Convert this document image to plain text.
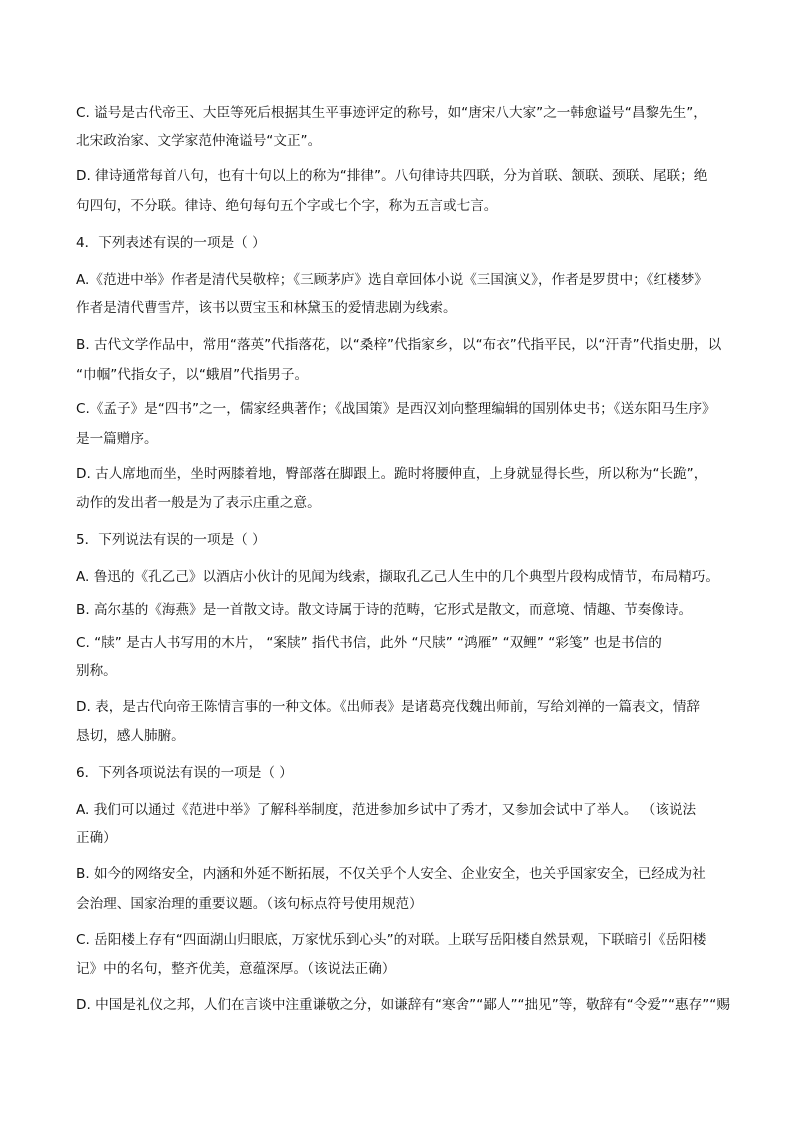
C. 谥号是古代帝王、大臣等死后根据其生平事迹评定的称号，如“唐宋八大家”之一韩愈谥号“昌黎先生”，
北宋政治家、文学家范仲淹谥号“文正”。
D. 律诗通常每首八句，也有十句以上的称为“排律”。八句律诗共四联，分为首联、颔联、颈联、尾联；绝
句四句，不分联。律诗、绝句每句五个字或七个字，称为五言或七言。
4．下列表述有误的一项是（ ）
A.《范进中举》作者是清代吴敬梓；《三顾茅庐》选自章回体小说《三国演义》，作者是罗贯中；《红楼梦》
作者是清代曹雪芹，该书以贾宝玉和林黛玉的爱情悲剧为线索。
B. 古代文学作品中，常用“落英”代指落花，以“桑梓”代指家乡，以“布衣”代指平民，以“汗青”代指史册，以
“巾帼”代指女子，以“蛾眉”代指男子。
C.《孟子》是“四书”之一，儒家经典著作；《战国策》是西汉刘向整理编辑的国别体史书；《送东阳马生序》
是一篇赠序。
D. 古人席地而坐，坐时两膝着地，臀部落在脚跟上。跪时将腰伸直，上身就显得长些，所以称为“长跪”，
动作的发出者一般是为了表示庄重之意。
5．下列说法有误的一项是（ ）
A. 鲁迅的《孔乙己》以酒店小伙计的见闻为线索，撷取孔乙己人生中的几个典型片段构成情节，布局精巧。
B. 高尔基的《海燕》是一首散文诗。散文诗属于诗的范畴，它形式是散文，而意境、情趣、节奏像诗。
C. “牍” 是古人书写用的木片， “案牍” 指代书信，此外 “尺牍” “鸿雁” “双鲤” “彩笺” 也是书信的
别称。
D. 表，是古代向帝王陈情言事的一种文体。《出师表》是诸葛亮伐魏出师前，写给刘禅的一篇表文，情辞
恳切，感人肺腑。
6．下列各项说法有误的一项是（ ）
A. 我们可以通过《范进中举》了解科举制度，范进参加乡试中了秀才，又参加会试中了举人。 （该说法
正确）
B. 如今的网络安全，内涵和外延不断拓展，不仅关乎个人安全、企业安全，也关乎国家安全，已经成为社
会治理、国家治理的重要议题。（该句标点符号使用规范）
C. 岳阳楼上存有“四面湖山归眼底，万家忧乐到心头”的对联。上联写岳阳楼自然景观，下联暗引《岳阳楼
记》中的名句，整齐优美，意蕴深厚。（该说法正确）
D. 中国是礼仪之邦，人们在言谈中注重谦敬之分，如谦辞有“寒舍”“鄙人”“拙见”等，敬辞有“令爱”“惠存”“赐
